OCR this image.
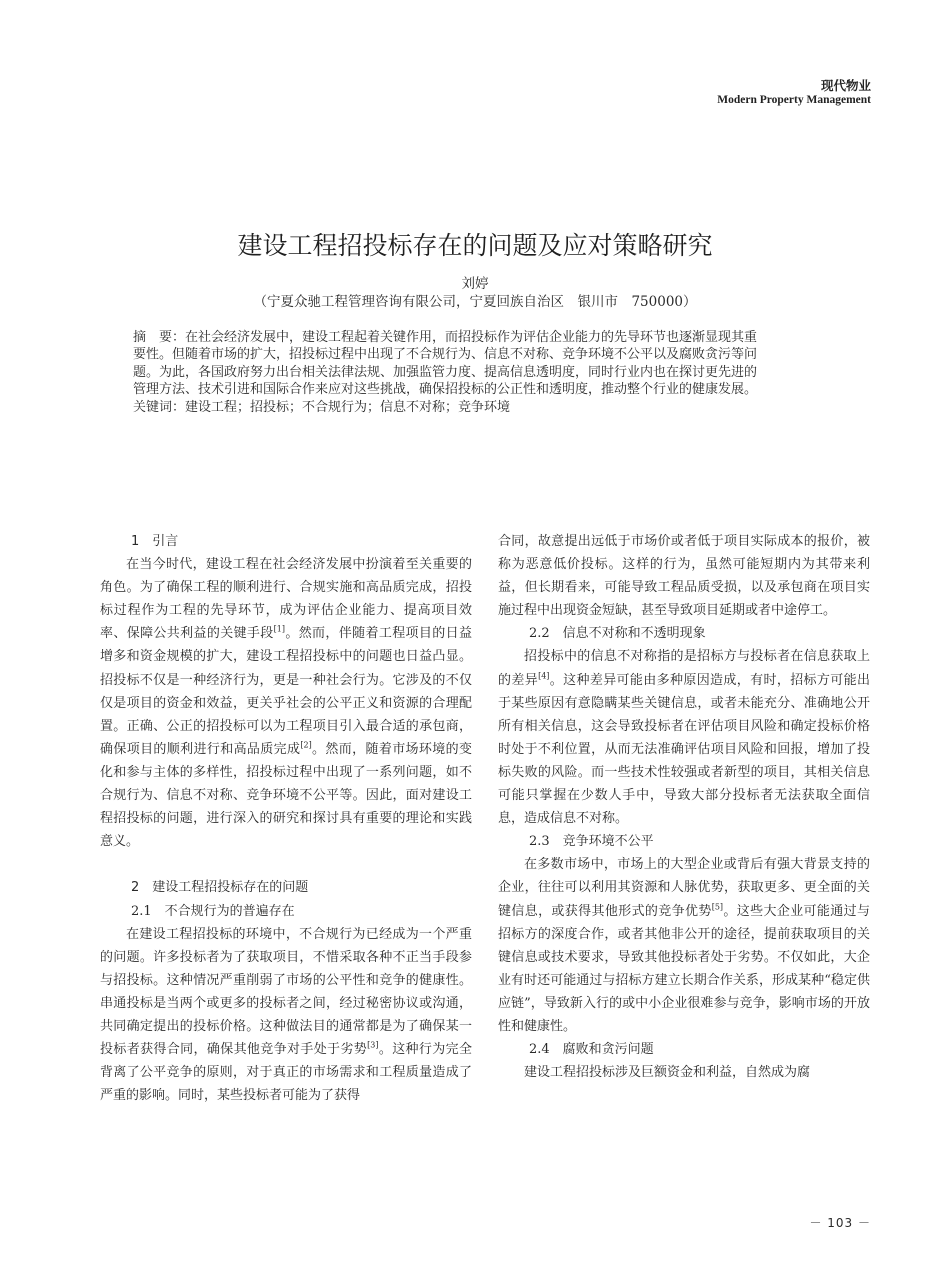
现代物业
Modern Property Management
建设工程招投标存在的问题及应对策略研究
刘婷
（宁夏众驰工程管理咨询有限公司，宁夏回族自治区　银川市　750000）
摘　要：在社会经济发展中，建设工程起着关键作用，而招投标作为评估企业能力的先导环节也逐渐显现其重
要性。但随着市场的扩大，招投标过程中出现了不合规行为、信息不对称、竞争环境不公平以及腐败贪污等问
题。为此，各国政府努力出台相关法律法规、加强监管力度、提高信息透明度，同时行业内也在探讨更先进的
管理方法、技术引进和国际合作来应对这些挑战，确保招投标的公正性和透明度，推动整个行业的健康发展。
关键词：建设工程；招投标；不合规行为；信息不对称；竞争环境
1　引言
在当今时代，建设工程在社会经济发展中扮演着至关重要的角色。为了确保工程的顺利进行、合规实施和高品质完成，招投标过程作为工程的先导环节，成为评估企业能力、提高项目效率、保障公共利益的关键手段[1]。然而，伴随着工程项目的日益增多和资金规模的扩大，建设工程招投标中的问题也日益凸显。招投标不仅是一种经济行为，更是一种社会行为。它涉及的不仅仅是项目的资金和效益，更关乎社会的公平正义和资源的合理配置。正确、公正的招投标可以为工程项目引入最合适的承包商，确保项目的顺利进行和高品质完成[2]。然而，随着市场环境的变化和参与主体的多样性，招投标过程中出现了一系列问题，如不合规行为、信息不对称、竞争环境不公平等。因此，面对建设工程招投标的问题，进行深入的研究和探讨具有重要的理论和实践意义。
2　建设工程招投标存在的问题
2.1　不合规行为的普遍存在
在建设工程招投标的环境中，不合规行为已经成为一个严重的问题。许多投标者为了获取项目，不惜采取各种不正当手段参与招投标。这种情况严重削弱了市场的公平性和竞争的健康性。串通投标是当两个或更多的投标者之间，经过秘密协议或沟通，共同确定提出的投标价格。这种做法目的通常都是为了确保某一投标者获得合同，确保其他竞争对手处于劣势[3]。这种行为完全背离了公平竞争的原则，对于真正的市场需求和工程质量造成了严重的影响。同时，某些投标者可能为了获得
合同，故意提出远低于市场价或者低于项目实际成本的报价，被称为恶意低价投标。这样的行为，虽然可能短期内为其带来利益，但长期看来，可能导致工程品质受损，以及承包商在项目实施过程中出现资金短缺，甚至导致项目延期或者中途停工。
2.2　信息不对称和不透明现象
招投标中的信息不对称指的是招标方与投标者在信息获取上的差异[4]。这种差异可能由多种原因造成，有时，招标方可能出于某些原因有意隐瞒某些关键信息，或者未能充分、准确地公开所有相关信息，这会导致投标者在评估项目风险和确定投标价格时处于不利位置，从而无法准确评估项目风险和回报，增加了投标失败的风险。而一些技术性较强或者新型的项目，其相关信息可能只掌握在少数人手中，导致大部分投标者无法获取全面信息，造成信息不对称。
2.3　竞争环境不公平
在多数市场中，市场上的大型企业或背后有强大背景支持的企业，往往可以利用其资源和人脉优势，获取更多、更全面的关键信息，或获得其他形式的竞争优势[5]。这些大企业可能通过与招标方的深度合作，或者其他非公开的途径，提前获取项目的关键信息或技术要求，导致其他投标者处于劣势。不仅如此，大企业有时还可能通过与招标方建立长期合作关系，形成某种“稳定供应链”，导致新入行的或中小企业很难参与竞争，影响市场的开放性和健康性。
2.4　腐败和贪污问题
建设工程招投标涉及巨额资金和利益，自然成为腐
－ 103 －
